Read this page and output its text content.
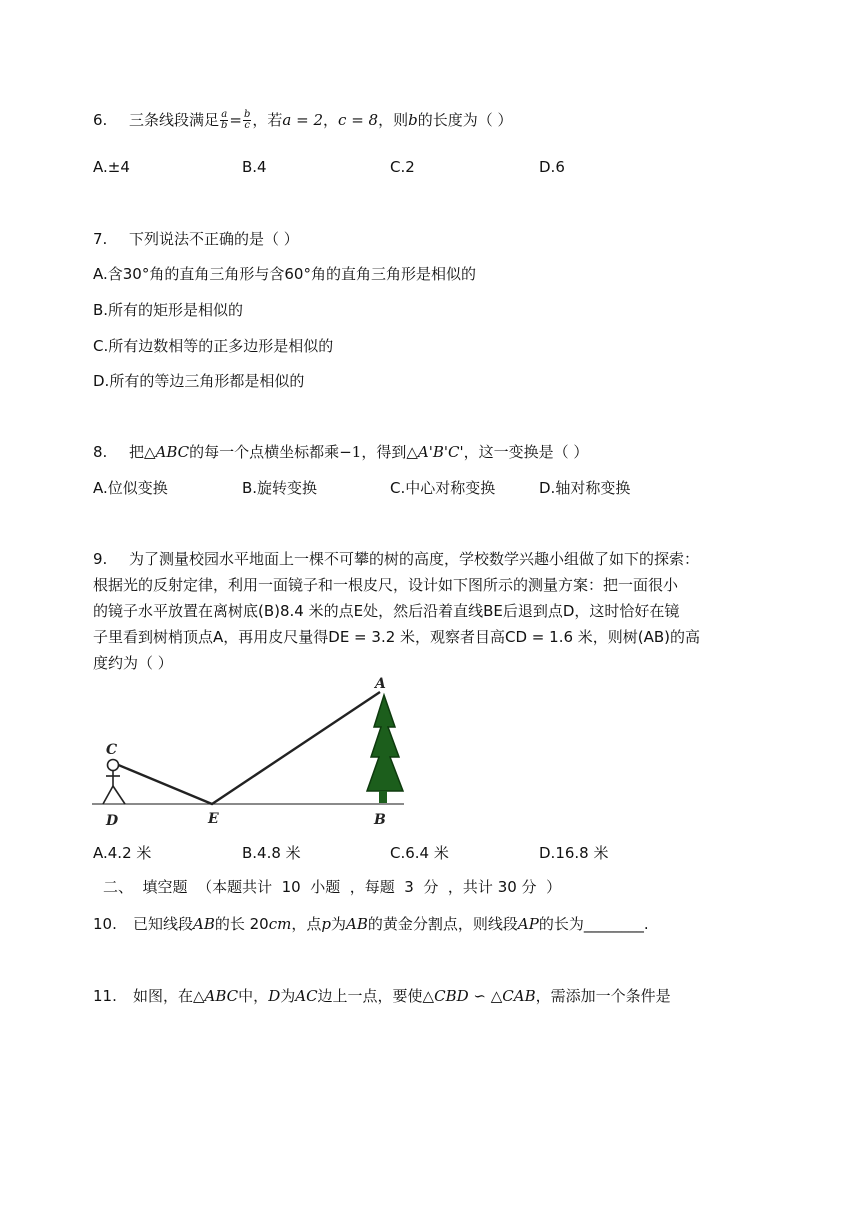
6. 三条线段满足 $\frac{a}{b} = \frac{b}{c}$ ，若a = 2，c = 8，则b的长度为（ ）
A.±4	B.4	C.2	D.6
7. 下列说法不正确的是（ ）
A.含30°角的直角三角形与含60°角的直角三角形是相似的
B.所有的矩形是相似的
C.所有边数相等的正多边形是相似的
D.所有的等边三角形都是相似的
8. 把△ABC的每一个点横坐标都乘−1，得到△A'B'C'，这一变换是（ ）
A.位似变换	B.旋转变换	C.中心对称变换	D.轴对称变换
9. 为了测量校园水平地面上一棵不可攀的树的高度，学校数学兴趣小组做了如下的探索：
根据光的反射定律，利用一面镜子和一根皮尺，设计如下图所示的测量方案：把一面很小
的镜子水平放置在离树底(B)8.4 米的点E处，然后沿着直线BE后退到点D，这时恰好在镜
子里看到树梢顶点A，再用皮尺量得DE = 3.2 米，观察者目高CD = 1.6 米，则树(AB)的高
度约为（ ）
C
D	E	B
A
A.4.2 米	B.4.8 米	C.6.4 米	D.16.8 米
二、  填空题  （本题共计  10  小题  ，每题  3  分  ，共计 30 分  ）
10. 已知线段AB的长 20cm，点p为AB的黄金分割点，则线段AP的长为________.
11. 如图，在△ABC中，D为AC边上一点，要使△CBD ∽ △CAB，需添加一个条件是
